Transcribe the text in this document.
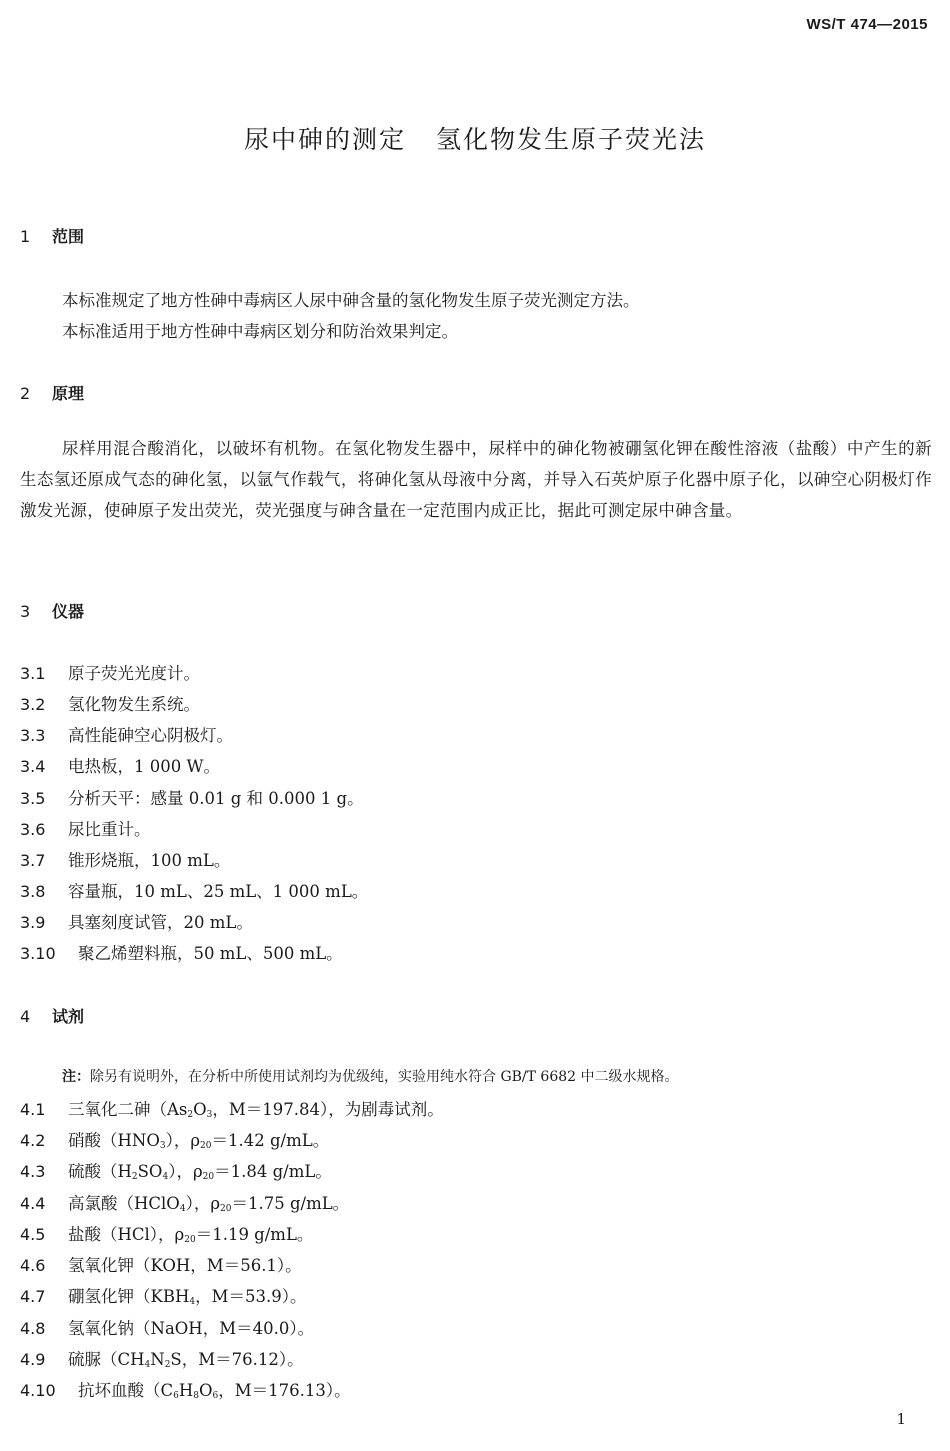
WS/T 474—2015
尿中砷的测定 氢化物发生原子荧光法
1 范围
本标准规定了地方性砷中毒病区人尿中砷含量的氢化物发生原子荧光测定方法。
本标准适用于地方性砷中毒病区划分和防治效果判定。
2 原理
尿样用混合酸消化，以破坏有机物。在氢化物发生器中，尿样中的砷化物被硼氢化钾在酸性溶液（盐酸）中产生的新生态氢还原成气态的砷化氢，以氩气作载气，将砷化氢从母液中分离，并导入石英炉原子化器中原子化，以砷空心阴极灯作激发光源，使砷原子发出荧光，荧光强度与砷含量在一定范围内成正比，据此可测定尿中砷含量。
3 仪器
3.1 原子荧光光度计。
3.2 氢化物发生系统。
3.3 高性能砷空心阴极灯。
3.4 电热板，1 000 W。
3.5 分析天平：感量 0.01 g 和 0.000 1 g。
3.6 尿比重计。
3.7 锥形烧瓶，100 mL。
3.8 容量瓶，10 mL、25 mL、1 000 mL。
3.9 具塞刻度试管，20 mL。
3.10 聚乙烯塑料瓶，50 mL、500 mL。
4 试剂
注：除另有说明外，在分析中所使用试剂均为优级纯，实验用纯水符合 GB/T 6682 中二级水规格。
4.1 三氧化二砷（$As_2O_3$，M＝197.84），为剧毒试剂。
4.2 硝酸$(HNO_3)$，$\rho_{20}=1.42$ g/mL。
4.3 硫酸$(H_2SO_4)$，$\rho_{20}=1.84$ g/mL。
4.4 高氯酸（HClO$_4$），$\rho_{20}=1.75$ g/mL。
4.5 盐酸（HCl），$\rho_{20}=1.19$ g/mL。
4.6 氢氧化钾（KOH，M＝56.1）。
4.7 硼氢化钾（$KBH_4$，M＝53.9）。
4.8 氢氧化钠（NaOH，M＝40.0）。
4.9 硫脲（$CH_4N_2S$，M＝76.12）。
4.10 抗坏血酸（$C_6H_8O_6$，M＝176.13）。
1
